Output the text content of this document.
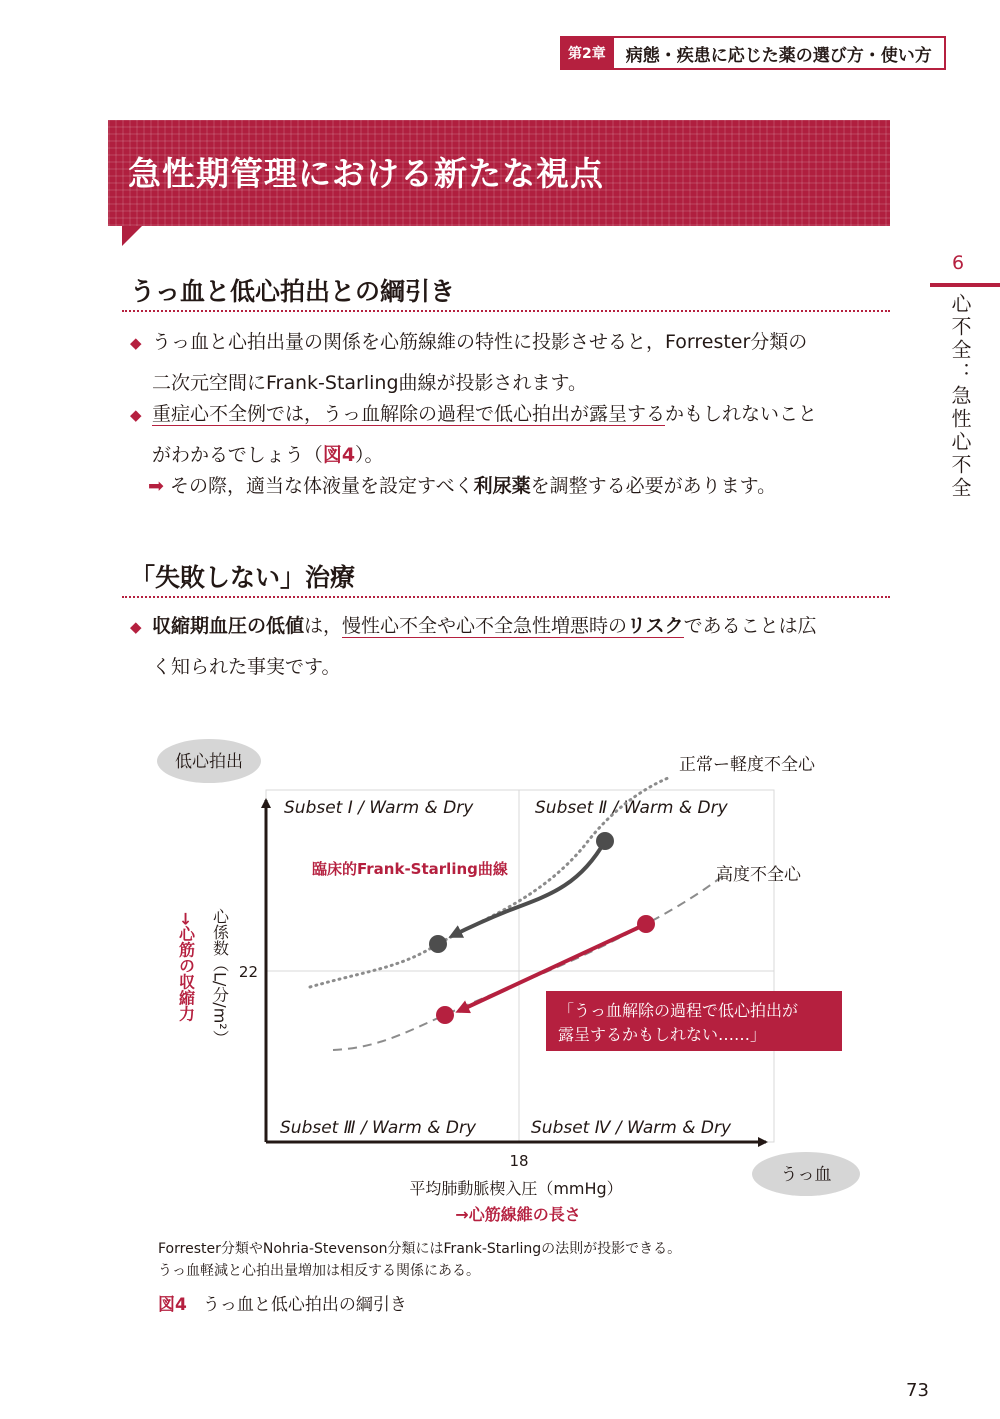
第2章	病態・疾患に応じた薬の選び方・使い方
急性期管理における新たな視点
6
心不全：急性心不全
うっ血と低心拍出との綱引き
◆ うっ血と心拍出量の関係を心筋線維の特性に投影させると，Forrester分類の
二次元空間にFrank-Starling曲線が投影されます。
◆ 重症心不全例では，うっ血解除の過程で低心拍出が露呈するかもしれないこと
がわかるでしょう（図4）。
➡ その際，適当な体液量を設定すべく利尿薬を調整する必要があります。
「失敗しない」治療
◆ 収縮期血圧の低値は，慢性心不全や心不全急性増悪時のリスクであることは広
く知られた事実です。
18
22
Subset Ⅰ / Warm & Dry	Subset Ⅱ / Warm & Dry
Subset Ⅲ / Warm & Dry	Subset Ⅳ / Warm & Dry
低心拍出
うっ血
正常ー軽度不全心
高度不全心
臨床的Frank-Starling曲線
「うっ血解除の過程で低心拍出が
露呈するかもしれない……」
→心筋の収縮力 心係数（L/分/m²）
平均肺動脈楔入圧（mmHg）
→心筋線維の長さ
Forrester分類やNohria-Stevenson分類にはFrank-Starlingの法則が投影できる。
うっ血軽減と心拍出量増加は相反する関係にある。
図4 うっ血と低心拍出の綱引き
73
